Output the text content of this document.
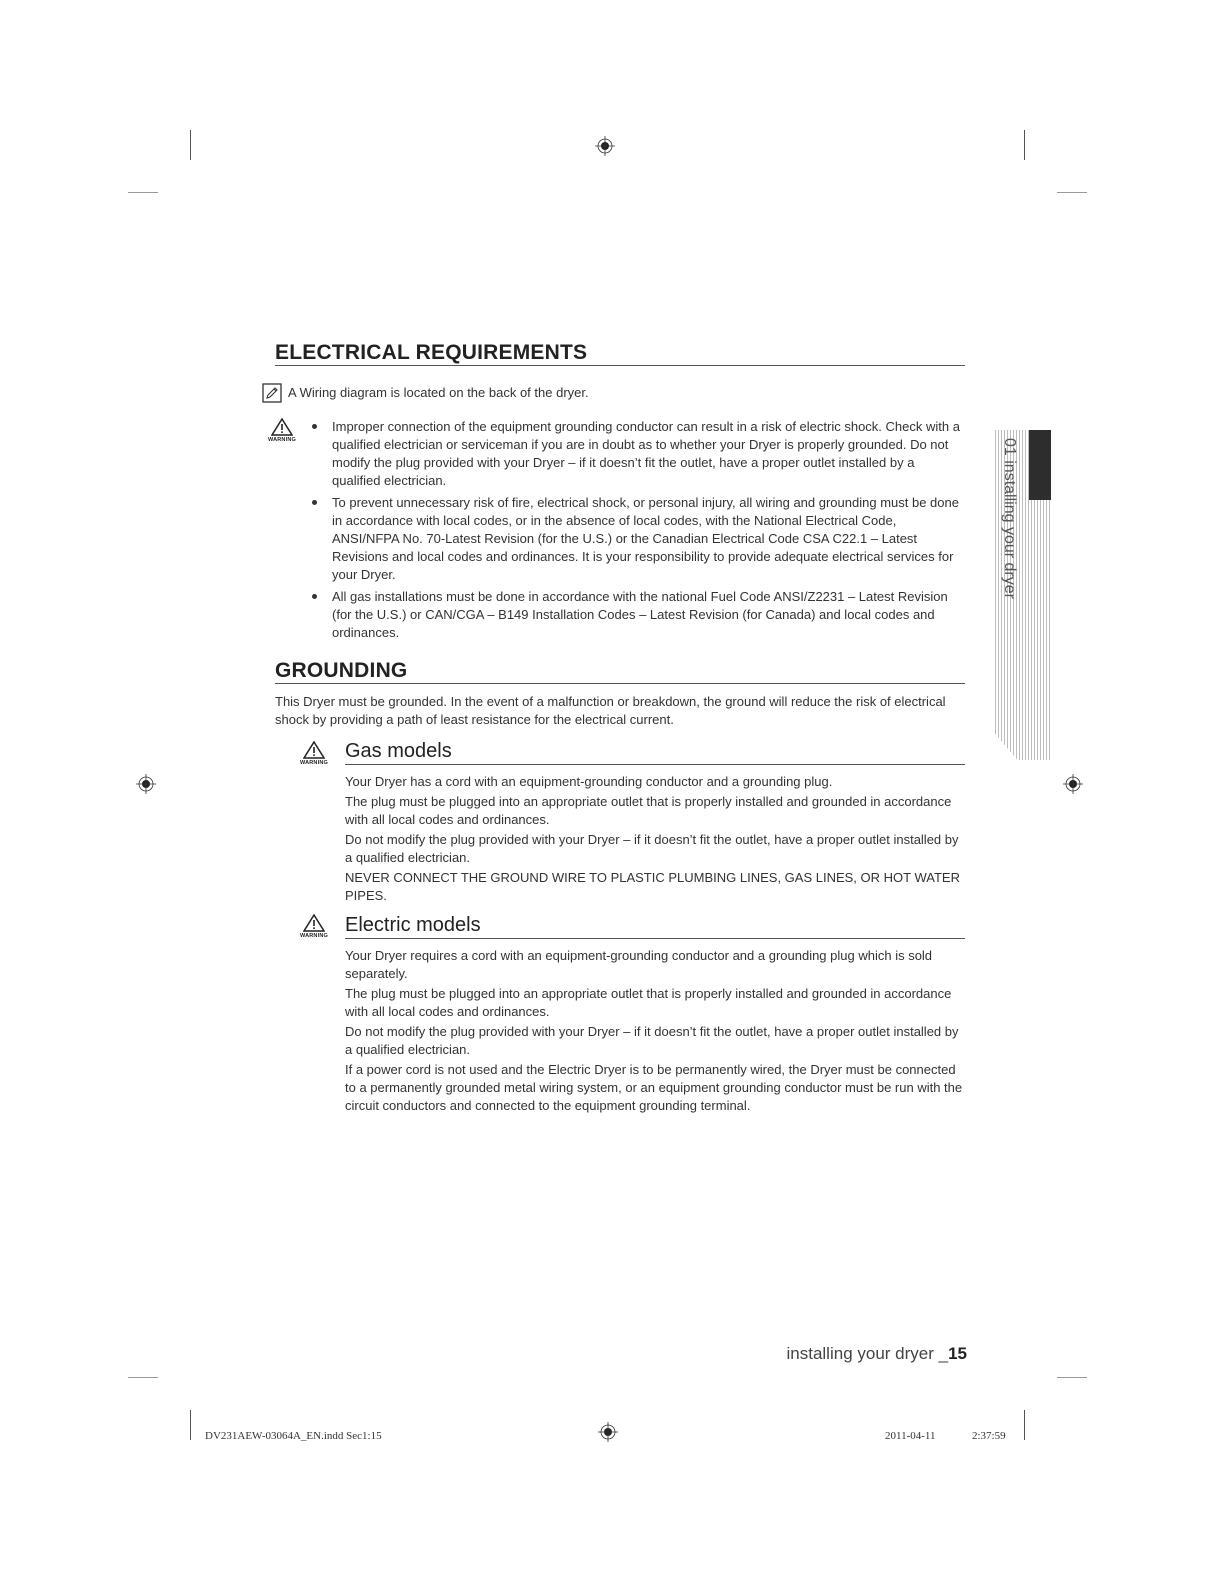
ELECTRICAL REQUIREMENTS
A Wiring diagram is located on the back of the dryer.
WARNING
Improper connection of the equipment grounding conductor can result in a risk of electric shock. Check with a qualified electrician or serviceman if you are in doubt as to whether your Dryer is properly grounded. Do not modify the plug provided with your Dryer – if it doesn’t fit the outlet, have a proper outlet installed by a qualified electrician.
To prevent unnecessary risk of fire, electrical shock, or personal injury, all wiring and grounding must be done in accordance with local codes, or in the absence of local codes, with the National Electrical Code, ANSI/NFPA No. 70-Latest Revision (for the U.S.) or the Canadian Electrical Code CSA C22.1 – Latest Revisions and local codes and ordinances. It is your responsibility to provide adequate electrical services for your Dryer.
All gas installations must be done in accordance with the national Fuel Code ANSI/Z2231 – Latest Revision (for the U.S.) or CAN/CGA – B149 Installation Codes – Latest Revision (for Canada) and local codes and ordinances.
GROUNDING
This Dryer must be grounded. In the event of a malfunction or breakdown, the ground will reduce the risk of electrical shock by providing a path of least resistance for the electrical current.
WARNING
Gas models

Your Dryer has a cord with an equipment-grounding conductor and a grounding plug.

The plug must be plugged into an appropriate outlet that is properly installed and grounded in accordance with all local codes and ordinances.

Do not modify the plug provided with your Dryer – if it doesn’t fit the outlet, have a proper outlet installed by a qualified electrician.

NEVER CONNECT THE GROUND WIRE TO PLASTIC PLUMBING LINES, GAS LINES, OR HOT WATER PIPES.

WARNING Electric models

Your Dryer requires a cord with an equipment-grounding conductor and a grounding plug which is sold separately.

The plug must be plugged into an appropriate outlet that is properly installed and grounded in accordance with all local codes and ordinances.

Do not modify the plug provided with your Dryer – if it doesn’t fit the outlet, have a proper outlet installed by a qualified electrician.

If a power cord is not used and the Electric Dryer is to be permanently wired, the Dryer must be connected to a permanently grounded metal wiring system, or an equipment grounding conductor must be run with the circuit conductors and connected to the equipment grounding terminal.

01 installing your dryer
installing your dryer _15
DV231AEW-03064A_EN.indd Sec1:15	2011-04-11	2:37:59
